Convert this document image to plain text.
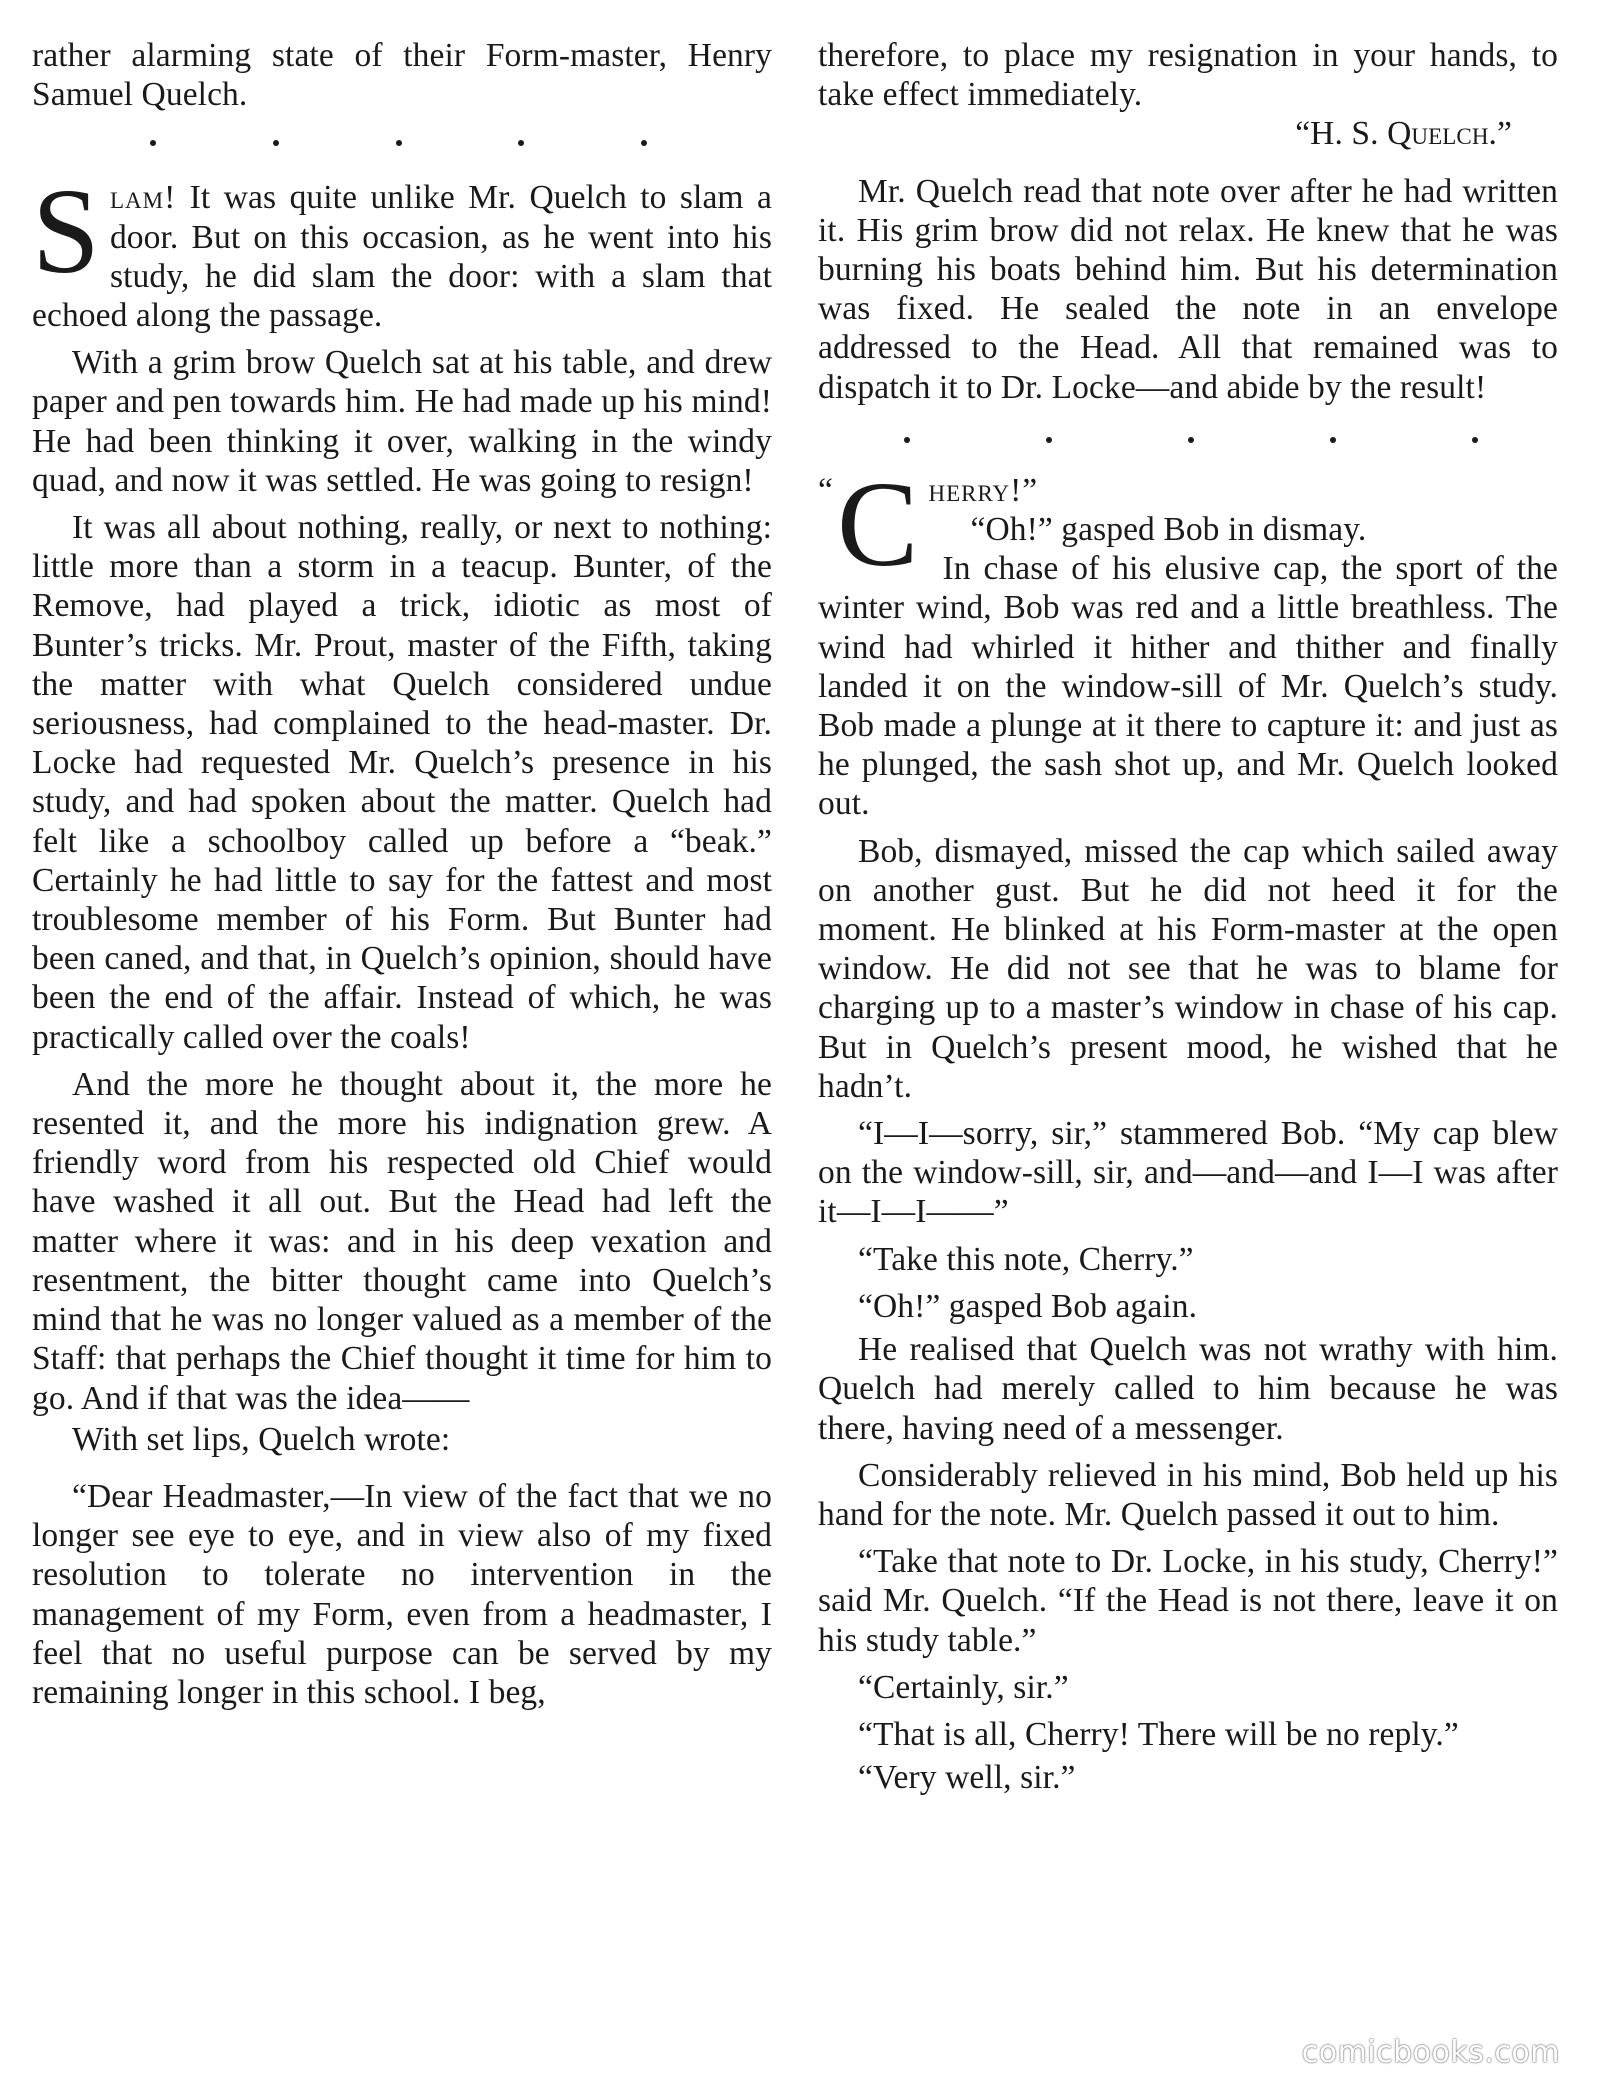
rather alarming state of their Form-master, Henry Samuel Quelch.

Slam! It was quite unlike Mr. Quelch to slam a door. But on this occasion, as he went into his study, he did slam the door: with a slam that echoed along the passage.

With a grim brow Quelch sat at his table, and drew paper and pen towards him. He had made up his mind! He had been thinking it over, walking in the windy quad, and now it was settled. He was going to resign!

It was all about nothing, really, or next to nothing: little more than a storm in a teacup. Bunter, of the Remove, had played a trick, idiotic as most of Bunter’s tricks. Mr. Prout, master of the Fifth, taking the matter with what Quelch considered undue seriousness, had complained to the head-master. Dr. Locke had requested Mr. Quelch’s presence in his study, and had spoken about the matter. Quelch had felt like a schoolboy called up before a “beak.” Certainly he had little to say for the fattest and most troublesome member of his Form. But Bunter had been caned, and that, in Quelch’s opinion, should have been the end of the affair. Instead of which, he was practically called over the coals!

And the more he thought about it, the more he resented it, and the more his indignation grew. A friendly word from his respected old Chief would have washed it all out. But the Head had left the matter where it was: and in his deep vexation and resentment, the bitter thought came into Quelch’s mind that he was no longer valued as a member of the Staff: that perhaps the Chief thought it time for him to go. And if that was the idea——

With set lips, Quelch wrote:

“Dear Headmaster,—In view of the fact that we no longer see eye to eye, and in view also of my fixed resolution to tolerate no intervention in the management of my Form, even from a headmaster, I feel that no useful purpose can be served by my remaining longer in this school. I beg,

therefore, to place my resignation in your hands, to take effect immediately.

“H. S. Quelch.”

Mr. Quelch read that note over after he had written it. His grim brow did not relax. He knew that he was burning his boats behind him. But his determination was fixed. He sealed the note in an envelope addressed to the Head. All that remained was to dispatch it to Dr. Locke—and abide by the result!

“ C herry!”
“Oh!” gasped Bob in dismay.
In chase of his elusive cap, the sport of the winter wind, Bob was red and a little breathless. The wind had whirled it hither and thither and finally landed it on the window-sill of Mr. Quelch’s study. Bob made a plunge at it there to capture it: and just as he plunged, the sash shot up, and Mr. Quelch looked out.

Bob, dismayed, missed the cap which sailed away on another gust. But he did not heed it for the moment. He blinked at his Form-master at the open window. He did not see that he was to blame for charging up to a master’s window in chase of his cap. But in Quelch’s present mood, he wished that he hadn’t.

“I—I—sorry, sir,” stammered Bob. “My cap blew on the window-sill, sir, and—and—and I—I was after it—I—I——”

“Take this note, Cherry.”

“Oh!” gasped Bob again.

He realised that Quelch was not wrathy with him. Quelch had merely called to him because he was there, having need of a messenger.

Considerably relieved in his mind, Bob held up his hand for the note. Mr. Quelch passed it out to him.

“Take that note to Dr. Locke, in his study, Cherry!” said Mr. Quelch. “If the Head is not there, leave it on his study table.”

“Certainly, sir.”

“That is all, Cherry! There will be no reply.”

“Very well, sir.”

comicbooks.com
